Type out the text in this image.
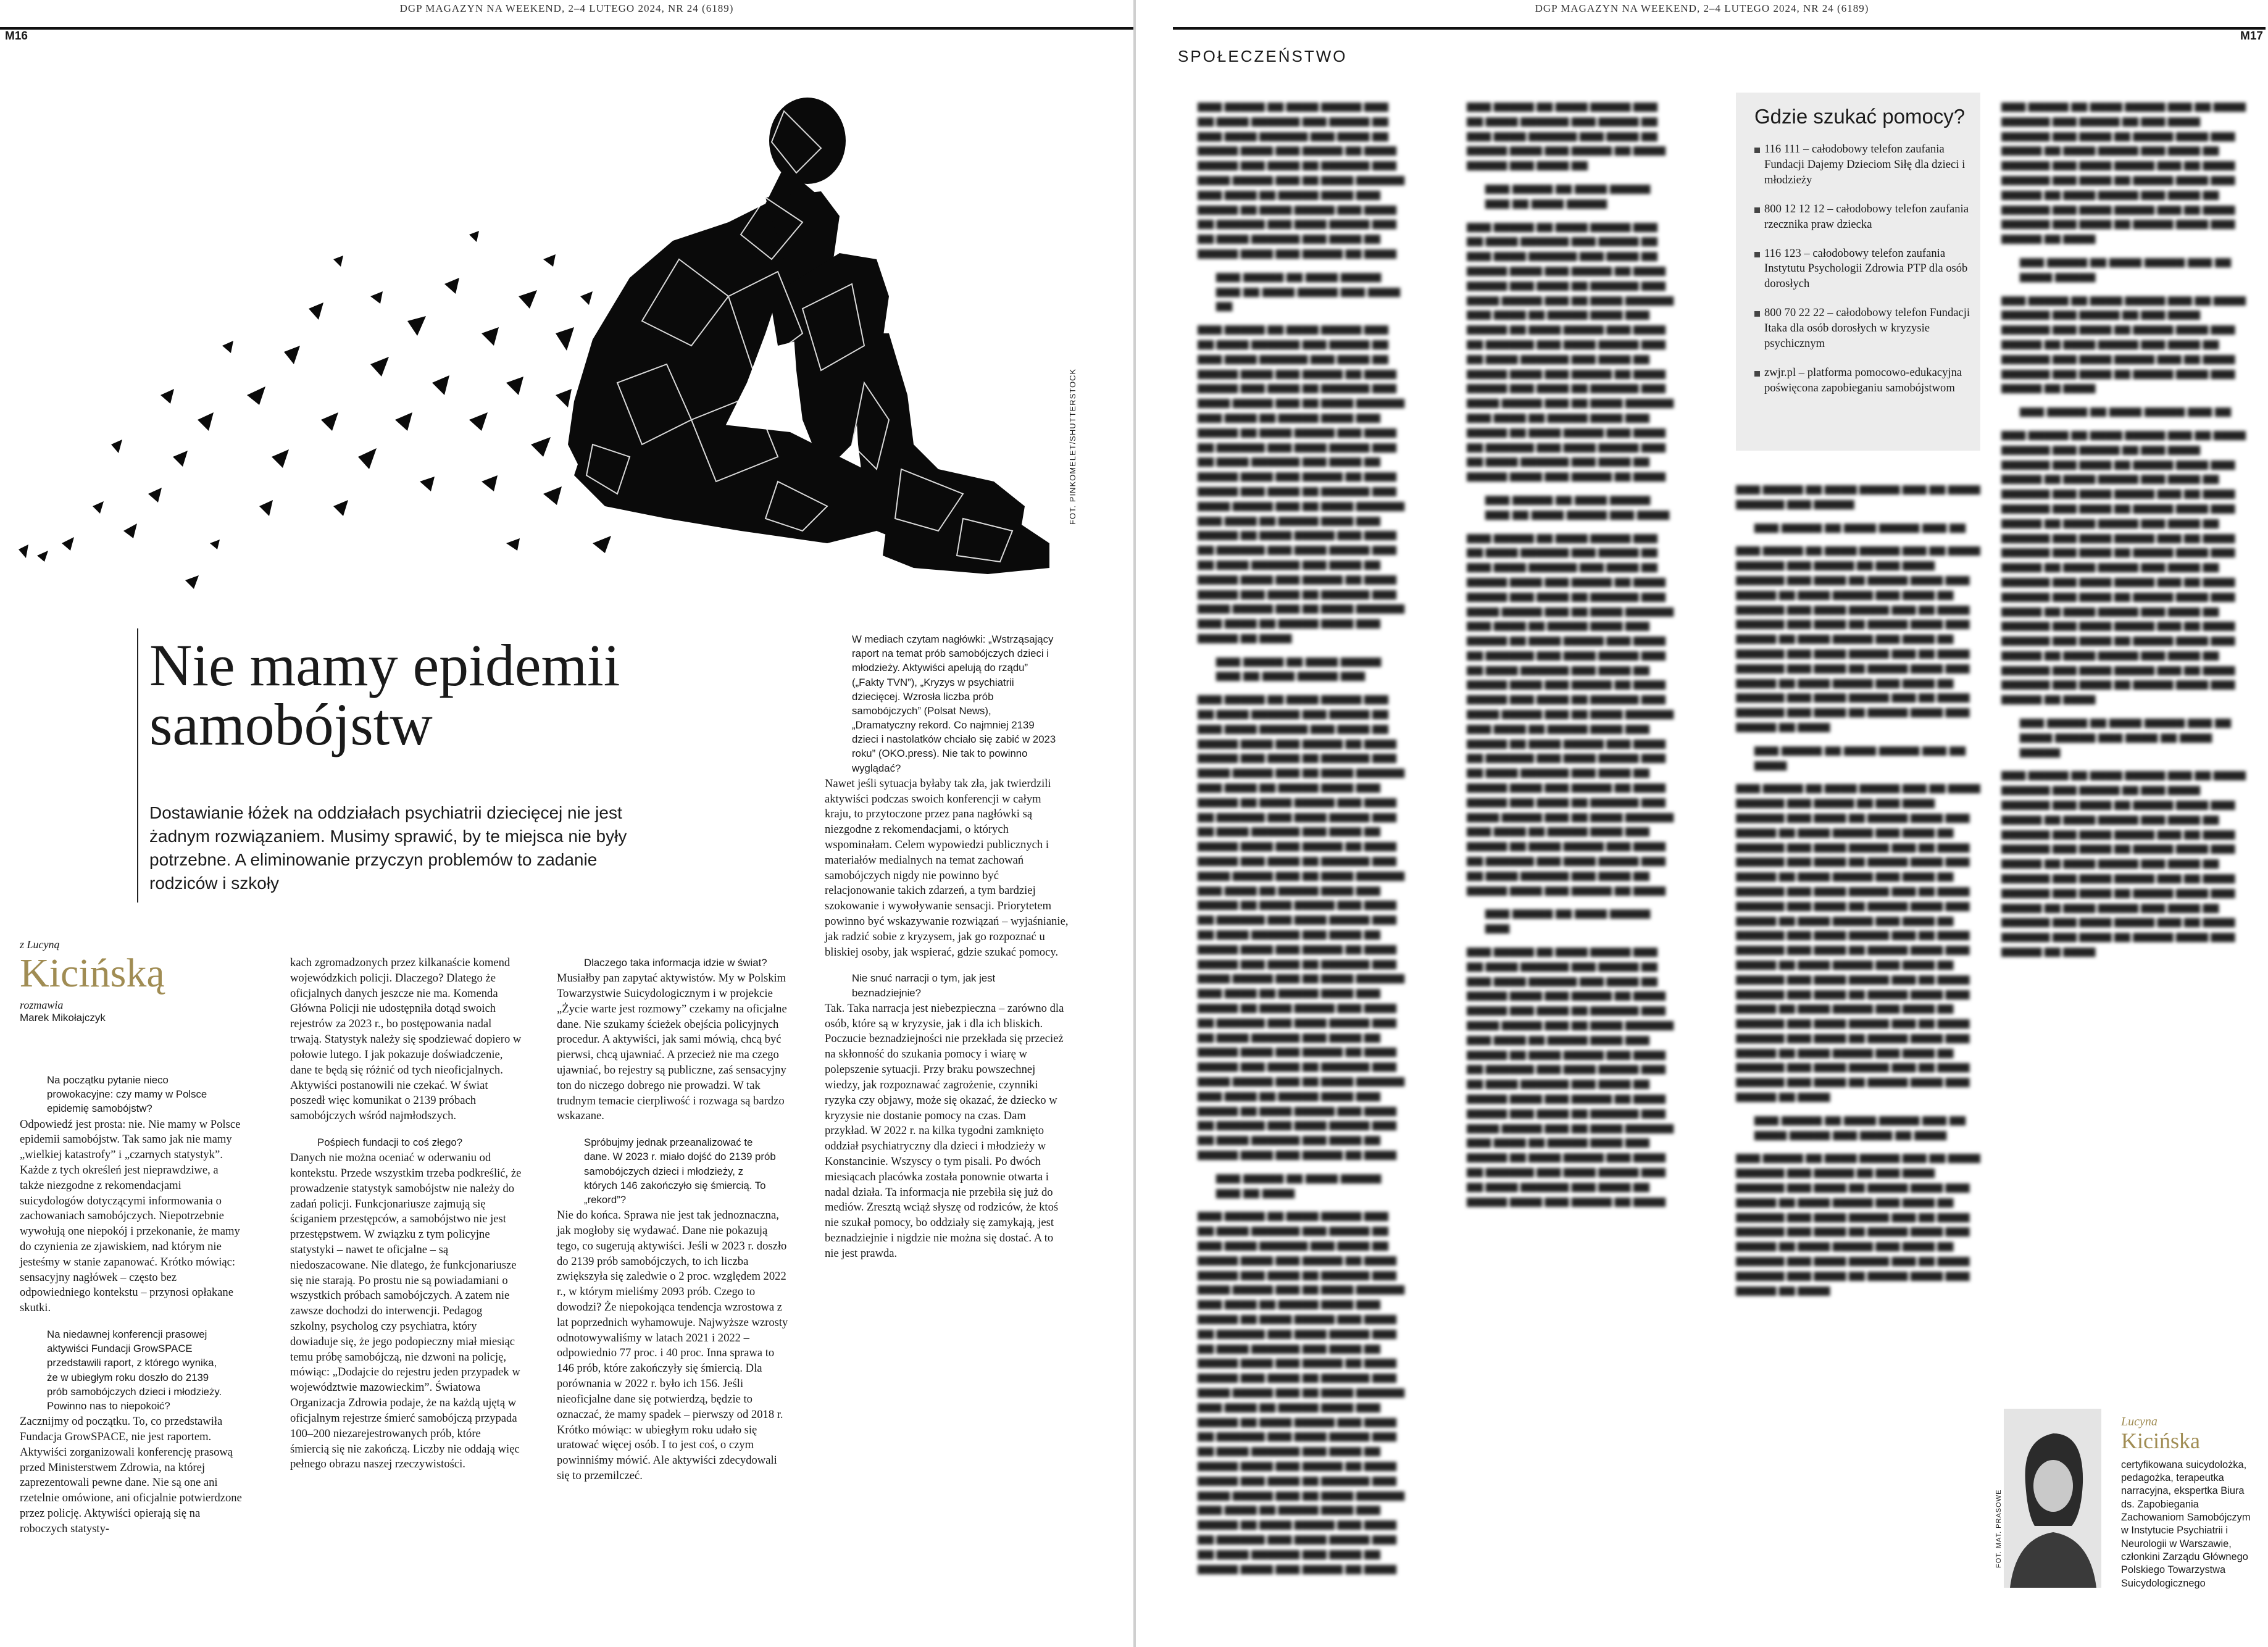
DGP MAGAZYN NA WEEKEND, 2–4 LUTEGO 2024, NR 24 (6189)
M16
FOT. PINKOMELET/SHUTTERSTOCK
Nie mamy epidemii samobójstw
Dostawianie łóżek na oddziałach psychiatrii dziecięcej nie jest żadnym rozwiązaniem. Musimy sprawić, by te miejsca nie były potrzebne. A eliminowanie przyczyn problemów to zadanie rodziców i szkoły
z Lucyną
Kicińską
rozmawia
Marek Mikołajczyk

Na początku pytanie nieco prowokacyjne: czy mamy w Polsce epidemię samobójstw?

Odpowiedź jest prosta: nie. Nie mamy w Polsce epidemii samobójstw. Tak samo jak nie mamy „wielkiej katastrofy” i „czarnych statystyk”. Każde z tych określeń jest nieprawdziwe, a także niezgodne z rekomendacjami suicydologów dotyczącymi informowania o zachowaniach samobójczych. Niepotrzebnie wywołują one niepokój i przekonanie, że mamy do czynienia ze zjawiskiem, nad którym nie jesteśmy w stanie zapanować. Krótko mówiąc: sensacyjny nagłówek – często bez odpowiedniego kontekstu – przynosi opłakane skutki.

Na niedawnej konferencji prasowej aktywiści Fundacji GrowSPACE przedstawili raport, z którego wynika, że w ubiegłym roku doszło do 2139 prób samobójczych dzieci i młodzieży. Powinno nas to niepokoić?

Zacznijmy od początku. To, co przedstawiła Fundacja GrowSPACE, nie jest raportem. Aktywiści zorganizowali konferencję prasową przed Ministerstwem Zdrowia, na której zaprezentowali pewne dane. Nie są one ani rzetelnie omówione, ani oficjalnie potwierdzone przez policję. Aktywiści opierają się na roboczych statysty-

kach zgromadzonych przez kilkanaście komend wojewódzkich policji. Dlaczego? Dlatego że oficjalnych danych jeszcze nie ma. Komenda Główna Policji nie udostępniła dotąd swoich rejestrów za 2023 r., bo postępowania nadal trwają. Statystyk należy się spodziewać dopiero w połowie lutego. I jak pokazuje doświadczenie, dane te będą się różnić od tych nieoficjalnych. Aktywiści postanowili nie czekać. W świat poszedł więc komunikat o 2139 próbach samobójczych wśród najmłodszych.

Pośpiech fundacji to coś złego?

Danych nie można oceniać w oderwaniu od kontekstu. Przede wszystkim trzeba podkreślić, że prowadzenie statystyk samobójstw nie należy do zadań policji. Funkcjonariusze zajmują się ściganiem przestępców, a samobójstwo nie jest przestępstwem. W związku z tym policyjne statystyki – nawet te oficjalne – są niedoszacowane. Nie dlatego, że funkcjonariusze się nie starają. Po prostu nie są powiadamiani o wszystkich próbach samobójczych. A zatem nie zawsze dochodzi do interwencji. Pedagog szkolny, psycholog czy psychiatra, który dowiaduje się, że jego podopieczny miał miesiąc temu próbę samobójczą, nie dzwoni na policję, mówiąc: „Dodajcie do rejestru jeden przypadek w województwie mazowieckim”. Światowa Organizacja Zdrowia podaje, że na każdą ujętą w oficjalnym rejestrze śmierć samobójczą przypada 100–200 niezarejestrowanych prób, które śmiercią się nie zakończą. Liczby nie oddają więc pełnego obrazu naszej rzeczywistości.

Dlaczego taka informacja idzie w świat?

Musiałby pan zapytać aktywistów. My w Polskim Towarzystwie Suicydologicznym i w projekcie „Życie warte jest rozmowy” czekamy na oficjalne dane. Nie szukamy ścieżek obejścia policyjnych procedur. A aktywiści, jak sami mówią, chcą być pierwsi, chcą ujawniać. A przecież nie ma czego ujawniać, bo rejestry są publiczne, zaś sensacyjny ton do niczego dobrego nie prowadzi. W tak trudnym temacie cierpliwość i rozwaga są bardzo wskazane.

Spróbujmy jednak przeanalizować te dane. W 2023 r. miało dojść do 2139 prób samobójczych dzieci i młodzieży, z których 146 zakończyło się śmiercią. To „rekord”?

Nie do końca. Sprawa nie jest tak jednoznaczna, jak mogłoby się wydawać. Dane nie pokazują tego, co sugerują aktywiści. Jeśli w 2023 r. doszło do 2139 prób samobójczych, to ich liczba zwiększyła się zaledwie o 2 proc. względem 2022 r., w którym mieliśmy 2093 prób. Czego to dowodzi? Że niepokojąca tendencja wzrostowa z lat poprzednich wyhamowuje. Najwyższe wzrosty odnotowywaliśmy w latach 2021 i 2022 – odpowiednio 77 proc. i 40 proc. Inna sprawa to 146 prób, które zakończyły się śmiercią. Dla porównania w 2022 r. było ich 156. Jeśli nieoficjalne dane się potwierdzą, będzie to oznaczać, że mamy spadek – pierwszy od 2018 r. Krótko mówiąc: w ubiegłym roku udało się uratować więcej osób. I to jest coś, o czym powinniśmy mówić. Ale aktywiści zdecydowali się to przemilczeć.

W mediach czytam nagłówki: „Wstrząsający raport na temat prób samobójczych dzieci i młodzieży. Aktywiści apelują do rządu” („Fakty TVN”), „Kryzys w psychiatrii dziecięcej. Wzrosła liczba prób samobójczych” (Polsat News), „Dramatyczny rekord. Co najmniej 2139 dzieci i nastolatków chciało się zabić w 2023 roku” (OKO.press). Nie tak to powinno wyglądać?

Nawet jeśli sytuacja byłaby tak zła, jak twierdzili aktywiści podczas swoich konferencji w całym kraju, to przytoczone przez pana nagłówki są niezgodne z rekomendacjami, o których wspominałam. Celem wypowiedzi publicznych i materiałów medialnych na temat zachowań samobójczych nigdy nie powinno być relacjonowanie takich zdarzeń, a tym bardziej szokowanie i wywoływanie sensacji. Priorytetem powinno być wskazywanie rozwiązań – wyjaśnianie, jak radzić sobie z kryzysem, jak go rozpoznać u bliskiej osoby, jak wspierać, gdzie szukać pomocy.

Nie snuć narracji o tym, jak jest beznadziejnie?

Tak. Taka narracja jest niebezpieczna – zarówno dla osób, które są w kryzysie, jak i dla ich bliskich. Poczucie beznadziejności nie przekłada się przecież na skłonność do szukania pomocy i wiarę w polepszenie sytuacji. Przy braku powszechnej wiedzy, jak rozpoznawać zagrożenie, czynniki ryzyka czy objawy, może się okazać, że dziecko w kryzysie nie dostanie pomocy na czas. Dam przykład. W 2022 r. na kilka tygodni zamknięto oddział psychiatryczny dla dzieci i młodzieży w Konstancinie. Wszyscy o tym pisali. Po dwóch miesiącach placówka została ponownie otwarta i nadal działa. Ta informacja nie przebiła się już do mediów. Zresztą wciąż słyszę od rodziców, że ktoś nie szukał pomocy, bo oddziały się zamykają, jest beznadziejnie i nigdzie nie można się dostać. A to nie jest prawda.

DGP MAGAZYN NA WEEKEND, 2–4 LUTEGO 2024, NR 24 (6189)
M17
SPOŁECZEŃSTWO

▆▆▆ ▆▆▆▆▆ ▆▆ ▆▆▆▆ ▆▆▆▆▆ ▆▆▆ ▆▆ ▆▆▆▆ ▆▆▆▆▆▆ ▆▆▆ ▆▆▆▆▆ ▆▆ ▆▆▆ ▆▆▆▆ ▆▆▆▆▆▆ ▆▆▆ ▆▆▆▆ ▆▆ ▆▆▆▆▆ ▆▆▆▆ ▆▆▆ ▆▆▆▆▆ ▆▆ ▆▆▆▆ ▆▆▆▆▆ ▆▆▆ ▆▆▆▆ ▆▆ ▆▆▆▆▆▆ ▆▆▆ ▆▆▆▆ ▆▆▆▆▆ ▆▆▆ ▆▆ ▆▆▆▆ ▆▆▆▆▆▆ ▆▆▆ ▆▆▆▆ ▆▆ ▆▆▆▆▆ ▆▆▆▆ ▆▆▆ ▆▆▆▆▆ ▆▆ ▆▆▆▆ ▆▆▆▆▆ ▆▆▆ ▆▆▆▆ ▆▆ ▆▆▆▆▆▆ ▆▆▆ ▆▆▆▆ ▆▆▆▆▆ ▆▆▆ ▆▆ ▆▆▆▆ ▆▆▆▆▆▆ ▆▆▆ ▆▆▆▆ ▆▆ ▆▆▆▆▆ ▆▆▆▆ ▆▆▆ ▆▆▆▆▆ ▆▆ ▆▆▆▆

▆▆▆ ▆▆▆▆▆ ▆▆ ▆▆▆▆ ▆▆▆▆▆ ▆▆▆ ▆▆ ▆▆▆▆ ▆▆▆▆▆ ▆▆▆ ▆▆▆▆ ▆▆

▆▆▆ ▆▆▆▆▆ ▆▆ ▆▆▆▆ ▆▆▆▆▆ ▆▆▆ ▆▆ ▆▆▆▆ ▆▆▆▆▆▆ ▆▆▆ ▆▆▆▆▆ ▆▆ ▆▆▆ ▆▆▆▆ ▆▆▆▆▆▆ ▆▆▆ ▆▆▆▆ ▆▆ ▆▆▆▆▆ ▆▆▆▆ ▆▆▆ ▆▆▆▆▆ ▆▆ ▆▆▆▆ ▆▆▆▆▆ ▆▆▆ ▆▆▆▆ ▆▆ ▆▆▆▆▆▆ ▆▆▆ ▆▆▆▆ ▆▆▆▆▆ ▆▆▆ ▆▆ ▆▆▆▆ ▆▆▆▆▆▆ ▆▆▆ ▆▆▆▆ ▆▆ ▆▆▆▆▆ ▆▆▆▆ ▆▆▆ ▆▆▆▆▆ ▆▆ ▆▆▆▆ ▆▆▆▆▆ ▆▆▆ ▆▆▆▆ ▆▆ ▆▆▆▆▆▆ ▆▆▆ ▆▆▆▆ ▆▆▆▆▆ ▆▆▆ ▆▆ ▆▆▆▆ ▆▆▆▆▆▆ ▆▆▆ ▆▆▆▆ ▆▆ ▆▆▆▆▆ ▆▆▆▆ ▆▆▆ ▆▆▆▆▆ ▆▆ ▆▆▆▆ ▆▆▆▆▆ ▆▆▆ ▆▆▆▆ ▆▆ ▆▆▆▆▆▆ ▆▆▆ ▆▆▆▆ ▆▆▆▆▆ ▆▆▆ ▆▆ ▆▆▆▆ ▆▆▆▆▆▆ ▆▆▆ ▆▆▆▆ ▆▆ ▆▆▆▆▆ ▆▆▆▆ ▆▆▆ ▆▆▆▆▆ ▆▆ ▆▆▆▆ ▆▆▆▆▆ ▆▆▆ ▆▆▆▆ ▆▆ ▆▆▆▆▆▆ ▆▆▆ ▆▆▆▆ ▆▆▆▆▆ ▆▆▆ ▆▆ ▆▆▆▆ ▆▆▆▆▆▆ ▆▆▆ ▆▆▆▆ ▆▆ ▆▆▆▆▆ ▆▆▆▆ ▆▆▆ ▆▆▆▆▆ ▆▆ ▆▆▆▆ ▆▆▆▆▆ ▆▆▆ ▆▆▆▆ ▆▆ ▆▆▆▆▆▆ ▆▆▆ ▆▆▆▆ ▆▆▆▆▆ ▆▆▆ ▆▆ ▆▆▆▆ ▆▆▆▆▆▆ ▆▆▆ ▆▆▆▆ ▆▆ ▆▆▆▆▆ ▆▆▆▆ ▆▆▆ ▆▆▆▆▆ ▆▆ ▆▆▆▆

▆▆▆ ▆▆▆▆▆ ▆▆ ▆▆▆▆ ▆▆▆▆▆ ▆▆▆ ▆▆ ▆▆▆▆ ▆▆▆▆▆ ▆▆▆

▆▆▆ ▆▆▆▆▆ ▆▆ ▆▆▆▆ ▆▆▆▆▆ ▆▆▆ ▆▆ ▆▆▆▆ ▆▆▆▆▆▆ ▆▆▆ ▆▆▆▆▆ ▆▆ ▆▆▆ ▆▆▆▆ ▆▆▆▆▆▆ ▆▆▆ ▆▆▆▆ ▆▆ ▆▆▆▆▆ ▆▆▆▆ ▆▆▆ ▆▆▆▆▆ ▆▆ ▆▆▆▆ ▆▆▆▆▆ ▆▆▆ ▆▆▆▆ ▆▆ ▆▆▆▆▆▆ ▆▆▆ ▆▆▆▆ ▆▆▆▆▆ ▆▆▆ ▆▆ ▆▆▆▆ ▆▆▆▆▆▆ ▆▆▆ ▆▆▆▆ ▆▆ ▆▆▆▆▆ ▆▆▆▆ ▆▆▆ ▆▆▆▆▆ ▆▆ ▆▆▆▆ ▆▆▆▆▆ ▆▆▆ ▆▆▆▆ ▆▆ ▆▆▆▆▆▆ ▆▆▆ ▆▆▆▆ ▆▆▆▆▆ ▆▆▆ ▆▆ ▆▆▆▆ ▆▆▆▆▆▆ ▆▆▆ ▆▆▆▆ ▆▆ ▆▆▆▆▆ ▆▆▆▆ ▆▆▆ ▆▆▆▆▆ ▆▆ ▆▆▆▆ ▆▆▆▆▆ ▆▆▆ ▆▆▆▆ ▆▆ ▆▆▆▆▆▆ ▆▆▆ ▆▆▆▆ ▆▆▆▆▆ ▆▆▆ ▆▆ ▆▆▆▆ ▆▆▆▆▆▆ ▆▆▆ ▆▆▆▆ ▆▆ ▆▆▆▆▆ ▆▆▆▆ ▆▆▆ ▆▆▆▆▆ ▆▆ ▆▆▆▆ ▆▆▆▆▆ ▆▆▆ ▆▆▆▆ ▆▆ ▆▆▆▆▆▆ ▆▆▆ ▆▆▆▆ ▆▆▆▆▆ ▆▆▆ ▆▆ ▆▆▆▆ ▆▆▆▆▆▆ ▆▆▆ ▆▆▆▆ ▆▆ ▆▆▆▆▆ ▆▆▆▆ ▆▆▆ ▆▆▆▆▆ ▆▆ ▆▆▆▆ ▆▆▆▆▆ ▆▆▆ ▆▆▆▆ ▆▆ ▆▆▆▆▆▆ ▆▆▆ ▆▆▆▆ ▆▆▆▆▆ ▆▆▆ ▆▆ ▆▆▆▆ ▆▆▆▆▆▆ ▆▆▆ ▆▆▆▆ ▆▆ ▆▆▆▆▆ ▆▆▆▆ ▆▆▆ ▆▆▆▆▆ ▆▆ ▆▆▆▆ ▆▆▆▆▆ ▆▆▆ ▆▆▆▆ ▆▆ ▆▆▆▆▆▆ ▆▆▆ ▆▆▆▆ ▆▆▆▆▆ ▆▆▆ ▆▆ ▆▆▆▆ ▆▆▆▆▆▆ ▆▆▆ ▆▆▆▆ ▆▆ ▆▆▆▆▆ ▆▆▆▆ ▆▆▆ ▆▆▆▆▆ ▆▆ ▆▆▆▆ ▆▆▆▆▆ ▆▆▆ ▆▆▆▆ ▆▆ ▆▆▆▆▆▆ ▆▆▆ ▆▆▆▆ ▆▆▆▆▆ ▆▆▆ ▆▆ ▆▆▆▆ ▆▆▆▆▆▆ ▆▆▆ ▆▆▆▆ ▆▆ ▆▆▆▆▆ ▆▆▆▆ ▆▆▆ ▆▆▆▆▆ ▆▆ ▆▆▆▆ ▆▆▆▆▆ ▆▆▆ ▆▆▆▆ ▆▆ ▆▆▆▆▆▆ ▆▆▆ ▆▆▆▆ ▆▆▆▆▆ ▆▆▆ ▆▆ ▆▆▆▆ ▆▆▆▆▆▆ ▆▆▆ ▆▆▆▆ ▆▆ ▆▆▆▆▆ ▆▆▆▆ ▆▆▆ ▆▆▆▆▆ ▆▆ ▆▆▆▆

▆▆▆ ▆▆▆▆▆ ▆▆ ▆▆▆▆ ▆▆▆▆▆ ▆▆▆ ▆▆ ▆▆▆▆

▆▆▆ ▆▆▆▆▆ ▆▆ ▆▆▆▆ ▆▆▆▆▆ ▆▆▆ ▆▆ ▆▆▆▆ ▆▆▆▆▆▆ ▆▆▆ ▆▆▆▆▆ ▆▆ ▆▆▆ ▆▆▆▆ ▆▆▆▆▆▆ ▆▆▆ ▆▆▆▆ ▆▆ ▆▆▆▆▆ ▆▆▆▆ ▆▆▆ ▆▆▆▆▆ ▆▆ ▆▆▆▆ ▆▆▆▆▆ ▆▆▆ ▆▆▆▆ ▆▆ ▆▆▆▆▆▆ ▆▆▆ ▆▆▆▆ ▆▆▆▆▆ ▆▆▆ ▆▆ ▆▆▆▆ ▆▆▆▆▆▆ ▆▆▆ ▆▆▆▆ ▆▆ ▆▆▆▆▆ ▆▆▆▆ ▆▆▆ ▆▆▆▆▆ ▆▆ ▆▆▆▆ ▆▆▆▆▆ ▆▆▆ ▆▆▆▆ ▆▆ ▆▆▆▆▆▆ ▆▆▆ ▆▆▆▆ ▆▆▆▆▆ ▆▆▆ ▆▆ ▆▆▆▆ ▆▆▆▆▆▆ ▆▆▆ ▆▆▆▆ ▆▆ ▆▆▆▆▆ ▆▆▆▆ ▆▆▆ ▆▆▆▆▆ ▆▆ ▆▆▆▆ ▆▆▆▆▆ ▆▆▆ ▆▆▆▆ ▆▆ ▆▆▆▆▆▆ ▆▆▆ ▆▆▆▆ ▆▆▆▆▆ ▆▆▆ ▆▆ ▆▆▆▆ ▆▆▆▆▆▆ ▆▆▆ ▆▆▆▆ ▆▆ ▆▆▆▆▆ ▆▆▆▆ ▆▆▆ ▆▆▆▆▆ ▆▆ ▆▆▆▆ ▆▆▆▆▆ ▆▆▆ ▆▆▆▆ ▆▆ ▆▆▆▆▆▆ ▆▆▆ ▆▆▆▆ ▆▆▆▆▆ ▆▆▆ ▆▆ ▆▆▆▆ ▆▆▆▆▆▆ ▆▆▆ ▆▆▆▆ ▆▆ ▆▆▆▆▆ ▆▆▆▆ ▆▆▆ ▆▆▆▆▆ ▆▆ ▆▆▆▆ ▆▆▆▆▆ ▆▆▆ ▆▆▆▆ ▆▆ ▆▆▆▆▆▆ ▆▆▆ ▆▆▆▆ ▆▆▆▆▆ ▆▆▆ ▆▆ ▆▆▆▆ ▆▆▆▆▆▆ ▆▆▆ ▆▆▆▆ ▆▆ ▆▆▆▆▆ ▆▆▆▆ ▆▆▆ ▆▆▆▆▆ ▆▆ ▆▆▆▆ ▆▆▆▆▆ ▆▆▆ ▆▆▆▆ ▆▆ ▆▆▆▆▆▆ ▆▆▆ ▆▆▆▆ ▆▆▆▆▆ ▆▆▆ ▆▆ ▆▆▆▆ ▆▆▆▆▆▆ ▆▆▆ ▆▆▆▆ ▆▆ ▆▆▆▆▆ ▆▆▆▆ ▆▆▆ ▆▆▆▆▆ ▆▆ ▆▆▆▆

▆▆▆ ▆▆▆▆▆ ▆▆ ▆▆▆▆ ▆▆▆▆▆ ▆▆▆ ▆▆ ▆▆▆▆ ▆▆▆▆▆▆ ▆▆▆ ▆▆▆▆▆ ▆▆ ▆▆▆ ▆▆▆▆ ▆▆▆▆▆▆ ▆▆▆ ▆▆▆▆ ▆▆ ▆▆▆▆▆ ▆▆▆▆ ▆▆▆ ▆▆▆▆▆ ▆▆ ▆▆▆▆ ▆▆▆▆▆ ▆▆▆ ▆▆▆▆ ▆▆

▆▆▆ ▆▆▆▆▆ ▆▆ ▆▆▆▆ ▆▆▆▆▆ ▆▆▆ ▆▆ ▆▆▆▆ ▆▆▆▆▆

▆▆▆ ▆▆▆▆▆ ▆▆ ▆▆▆▆ ▆▆▆▆▆ ▆▆▆ ▆▆ ▆▆▆▆ ▆▆▆▆▆▆ ▆▆▆ ▆▆▆▆▆ ▆▆ ▆▆▆ ▆▆▆▆ ▆▆▆▆▆▆ ▆▆▆ ▆▆▆▆ ▆▆ ▆▆▆▆▆ ▆▆▆▆ ▆▆▆ ▆▆▆▆▆ ▆▆ ▆▆▆▆ ▆▆▆▆▆ ▆▆▆ ▆▆▆▆ ▆▆ ▆▆▆▆▆▆ ▆▆▆ ▆▆▆▆ ▆▆▆▆▆ ▆▆▆ ▆▆ ▆▆▆▆ ▆▆▆▆▆▆ ▆▆▆ ▆▆▆▆ ▆▆ ▆▆▆▆▆ ▆▆▆▆ ▆▆▆ ▆▆▆▆▆ ▆▆ ▆▆▆▆ ▆▆▆▆▆ ▆▆▆ ▆▆▆▆ ▆▆ ▆▆▆▆▆▆ ▆▆▆ ▆▆▆▆ ▆▆▆▆▆ ▆▆▆ ▆▆ ▆▆▆▆ ▆▆▆▆▆▆ ▆▆▆ ▆▆▆▆ ▆▆ ▆▆▆▆▆ ▆▆▆▆ ▆▆▆ ▆▆▆▆▆ ▆▆ ▆▆▆▆ ▆▆▆▆▆ ▆▆▆ ▆▆▆▆ ▆▆ ▆▆▆▆▆▆ ▆▆▆ ▆▆▆▆ ▆▆▆▆▆ ▆▆▆ ▆▆ ▆▆▆▆ ▆▆▆▆▆▆ ▆▆▆ ▆▆▆▆ ▆▆ ▆▆▆▆▆ ▆▆▆▆ ▆▆▆ ▆▆▆▆▆ ▆▆ ▆▆▆▆ ▆▆▆▆▆ ▆▆▆ ▆▆▆▆ ▆▆ ▆▆▆▆▆▆ ▆▆▆ ▆▆▆▆ ▆▆▆▆▆ ▆▆▆ ▆▆ ▆▆▆▆ ▆▆▆▆▆▆ ▆▆▆ ▆▆▆▆ ▆▆ ▆▆▆▆▆ ▆▆▆▆ ▆▆▆ ▆▆▆▆▆ ▆▆ ▆▆▆▆

▆▆▆ ▆▆▆▆▆ ▆▆ ▆▆▆▆ ▆▆▆▆▆ ▆▆▆ ▆▆ ▆▆▆▆ ▆▆▆▆▆ ▆▆▆ ▆▆▆▆

▆▆▆ ▆▆▆▆▆ ▆▆ ▆▆▆▆ ▆▆▆▆▆ ▆▆▆ ▆▆ ▆▆▆▆ ▆▆▆▆▆▆ ▆▆▆ ▆▆▆▆▆ ▆▆ ▆▆▆ ▆▆▆▆ ▆▆▆▆▆▆ ▆▆▆ ▆▆▆▆ ▆▆ ▆▆▆▆▆ ▆▆▆▆ ▆▆▆ ▆▆▆▆▆ ▆▆ ▆▆▆▆ ▆▆▆▆▆ ▆▆▆ ▆▆▆▆ ▆▆ ▆▆▆▆▆▆ ▆▆▆ ▆▆▆▆ ▆▆▆▆▆ ▆▆▆ ▆▆ ▆▆▆▆ ▆▆▆▆▆▆ ▆▆▆ ▆▆▆▆ ▆▆ ▆▆▆▆▆ ▆▆▆▆ ▆▆▆ ▆▆▆▆▆ ▆▆ ▆▆▆▆ ▆▆▆▆▆ ▆▆▆ ▆▆▆▆ ▆▆ ▆▆▆▆▆▆ ▆▆▆ ▆▆▆▆ ▆▆▆▆▆ ▆▆▆ ▆▆ ▆▆▆▆ ▆▆▆▆▆▆ ▆▆▆ ▆▆▆▆ ▆▆ ▆▆▆▆▆ ▆▆▆▆ ▆▆▆ ▆▆▆▆▆ ▆▆ ▆▆▆▆ ▆▆▆▆▆ ▆▆▆ ▆▆▆▆ ▆▆ ▆▆▆▆▆▆ ▆▆▆ ▆▆▆▆ ▆▆▆▆▆ ▆▆▆ ▆▆ ▆▆▆▆ ▆▆▆▆▆▆ ▆▆▆ ▆▆▆▆ ▆▆ ▆▆▆▆▆ ▆▆▆▆ ▆▆▆ ▆▆▆▆▆ ▆▆ ▆▆▆▆ ▆▆▆▆▆ ▆▆▆ ▆▆▆▆ ▆▆ ▆▆▆▆▆▆ ▆▆▆ ▆▆▆▆ ▆▆▆▆▆ ▆▆▆ ▆▆ ▆▆▆▆ ▆▆▆▆▆▆ ▆▆▆ ▆▆▆▆ ▆▆ ▆▆▆▆▆ ▆▆▆▆ ▆▆▆ ▆▆▆▆▆ ▆▆ ▆▆▆▆ ▆▆▆▆▆ ▆▆▆ ▆▆▆▆ ▆▆ ▆▆▆▆▆▆ ▆▆▆ ▆▆▆▆ ▆▆▆▆▆ ▆▆▆ ▆▆ ▆▆▆▆ ▆▆▆▆▆▆ ▆▆▆ ▆▆▆▆ ▆▆ ▆▆▆▆▆ ▆▆▆▆ ▆▆▆ ▆▆▆▆▆ ▆▆ ▆▆▆▆ ▆▆▆▆▆ ▆▆▆ ▆▆▆▆ ▆▆ ▆▆▆▆▆▆ ▆▆▆ ▆▆▆▆ ▆▆▆▆▆ ▆▆▆ ▆▆ ▆▆▆▆ ▆▆▆▆▆▆ ▆▆▆ ▆▆▆▆ ▆▆ ▆▆▆▆▆ ▆▆▆▆ ▆▆▆ ▆▆▆▆▆ ▆▆ ▆▆▆▆

▆▆▆ ▆▆▆▆▆ ▆▆ ▆▆▆▆ ▆▆▆▆▆ ▆▆▆

▆▆▆ ▆▆▆▆▆ ▆▆ ▆▆▆▆ ▆▆▆▆▆ ▆▆▆ ▆▆ ▆▆▆▆ ▆▆▆▆▆▆ ▆▆▆ ▆▆▆▆▆ ▆▆ ▆▆▆ ▆▆▆▆ ▆▆▆▆▆▆ ▆▆▆ ▆▆▆▆ ▆▆ ▆▆▆▆▆ ▆▆▆▆ ▆▆▆ ▆▆▆▆▆ ▆▆ ▆▆▆▆ ▆▆▆▆▆ ▆▆▆ ▆▆▆▆ ▆▆ ▆▆▆▆▆▆ ▆▆▆ ▆▆▆▆ ▆▆▆▆▆ ▆▆▆ ▆▆ ▆▆▆▆ ▆▆▆▆▆▆ ▆▆▆ ▆▆▆▆ ▆▆ ▆▆▆▆▆ ▆▆▆▆ ▆▆▆ ▆▆▆▆▆ ▆▆ ▆▆▆▆ ▆▆▆▆▆ ▆▆▆ ▆▆▆▆ ▆▆ ▆▆▆▆▆▆ ▆▆▆ ▆▆▆▆ ▆▆▆▆▆ ▆▆▆ ▆▆ ▆▆▆▆ ▆▆▆▆▆▆ ▆▆▆ ▆▆▆▆ ▆▆ ▆▆▆▆▆ ▆▆▆▆ ▆▆▆ ▆▆▆▆▆ ▆▆ ▆▆▆▆ ▆▆▆▆▆ ▆▆▆ ▆▆▆▆ ▆▆ ▆▆▆▆▆▆ ▆▆▆ ▆▆▆▆ ▆▆▆▆▆ ▆▆▆ ▆▆ ▆▆▆▆ ▆▆▆▆▆▆ ▆▆▆ ▆▆▆▆ ▆▆ ▆▆▆▆▆ ▆▆▆▆ ▆▆▆ ▆▆▆▆▆ ▆▆ ▆▆▆▆ ▆▆▆▆▆ ▆▆▆ ▆▆▆▆ ▆▆ ▆▆▆▆▆▆ ▆▆▆ ▆▆▆▆ ▆▆▆▆▆ ▆▆▆ ▆▆ ▆▆▆▆ ▆▆▆▆▆▆ ▆▆▆ ▆▆▆▆ ▆▆ ▆▆▆▆▆ ▆▆▆▆ ▆▆▆ ▆▆▆▆▆ ▆▆ ▆▆▆▆

▆▆▆ ▆▆▆▆▆ ▆▆ ▆▆▆▆ ▆▆▆▆▆ ▆▆▆ ▆▆ ▆▆▆▆ ▆▆▆▆▆▆ ▆▆▆ ▆▆▆▆▆

▆▆▆ ▆▆▆▆▆ ▆▆ ▆▆▆▆ ▆▆▆▆▆ ▆▆▆ ▆▆

▆▆▆ ▆▆▆▆▆ ▆▆ ▆▆▆▆ ▆▆▆▆▆ ▆▆▆ ▆▆ ▆▆▆▆ ▆▆▆▆▆▆ ▆▆▆ ▆▆▆▆▆ ▆▆ ▆▆▆ ▆▆▆▆ ▆▆▆▆▆▆ ▆▆▆ ▆▆▆▆ ▆▆ ▆▆▆▆▆ ▆▆▆▆ ▆▆▆ ▆▆▆▆▆ ▆▆ ▆▆▆▆ ▆▆▆▆▆ ▆▆▆ ▆▆▆▆ ▆▆ ▆▆▆▆▆▆ ▆▆▆ ▆▆▆▆ ▆▆▆▆▆ ▆▆▆ ▆▆ ▆▆▆▆ ▆▆▆▆▆▆ ▆▆▆ ▆▆▆▆ ▆▆ ▆▆▆▆▆ ▆▆▆▆ ▆▆▆ ▆▆▆▆▆ ▆▆ ▆▆▆▆ ▆▆▆▆▆ ▆▆▆ ▆▆▆▆ ▆▆ ▆▆▆▆▆▆ ▆▆▆ ▆▆▆▆ ▆▆▆▆▆ ▆▆▆ ▆▆ ▆▆▆▆ ▆▆▆▆▆▆ ▆▆▆ ▆▆▆▆ ▆▆ ▆▆▆▆▆ ▆▆▆▆ ▆▆▆ ▆▆▆▆▆ ▆▆ ▆▆▆▆ ▆▆▆▆▆ ▆▆▆ ▆▆▆▆ ▆▆ ▆▆▆▆▆▆ ▆▆▆ ▆▆▆▆ ▆▆▆▆▆ ▆▆▆ ▆▆ ▆▆▆▆ ▆▆▆▆▆▆ ▆▆▆ ▆▆▆▆ ▆▆ ▆▆▆▆▆ ▆▆▆▆ ▆▆▆ ▆▆▆▆▆ ▆▆ ▆▆▆▆

▆▆▆ ▆▆▆▆▆ ▆▆ ▆▆▆▆ ▆▆▆▆▆ ▆▆▆ ▆▆ ▆▆▆▆

▆▆▆ ▆▆▆▆▆ ▆▆ ▆▆▆▆ ▆▆▆▆▆ ▆▆▆ ▆▆ ▆▆▆▆ ▆▆▆▆▆▆ ▆▆▆ ▆▆▆▆▆ ▆▆ ▆▆▆ ▆▆▆▆ ▆▆▆▆▆▆ ▆▆▆ ▆▆▆▆ ▆▆ ▆▆▆▆▆ ▆▆▆▆ ▆▆▆ ▆▆▆▆▆ ▆▆ ▆▆▆▆ ▆▆▆▆▆ ▆▆▆ ▆▆▆▆ ▆▆ ▆▆▆▆▆▆ ▆▆▆ ▆▆▆▆ ▆▆▆▆▆ ▆▆▆ ▆▆ ▆▆▆▆ ▆▆▆▆▆▆ ▆▆▆ ▆▆▆▆ ▆▆ ▆▆▆▆▆ ▆▆▆▆ ▆▆▆ ▆▆▆▆▆ ▆▆ ▆▆▆▆ ▆▆▆▆▆ ▆▆▆ ▆▆▆▆ ▆▆ ▆▆▆▆▆▆ ▆▆▆ ▆▆▆▆ ▆▆▆▆▆ ▆▆▆ ▆▆ ▆▆▆▆ ▆▆▆▆▆▆ ▆▆▆ ▆▆▆▆ ▆▆ ▆▆▆▆▆ ▆▆▆▆ ▆▆▆ ▆▆▆▆▆ ▆▆ ▆▆▆▆ ▆▆▆▆▆ ▆▆▆ ▆▆▆▆ ▆▆ ▆▆▆▆▆▆ ▆▆▆ ▆▆▆▆ ▆▆▆▆▆ ▆▆▆ ▆▆ ▆▆▆▆ ▆▆▆▆▆▆ ▆▆▆ ▆▆▆▆ ▆▆ ▆▆▆▆▆ ▆▆▆▆ ▆▆▆ ▆▆▆▆▆ ▆▆ ▆▆▆▆ ▆▆▆▆▆ ▆▆▆ ▆▆▆▆ ▆▆ ▆▆▆▆▆▆ ▆▆▆ ▆▆▆▆ ▆▆▆▆▆ ▆▆▆ ▆▆ ▆▆▆▆ ▆▆▆▆▆▆ ▆▆▆ ▆▆▆▆ ▆▆ ▆▆▆▆▆ ▆▆▆▆ ▆▆▆ ▆▆▆▆▆ ▆▆ ▆▆▆▆ ▆▆▆▆▆ ▆▆▆ ▆▆▆▆ ▆▆ ▆▆▆▆▆▆ ▆▆▆ ▆▆▆▆ ▆▆▆▆▆ ▆▆▆ ▆▆ ▆▆▆▆ ▆▆▆▆▆▆ ▆▆▆ ▆▆▆▆ ▆▆ ▆▆▆▆▆ ▆▆▆▆ ▆▆▆ ▆▆▆▆▆ ▆▆ ▆▆▆▆ ▆▆▆▆▆ ▆▆▆ ▆▆▆▆ ▆▆ ▆▆▆▆▆▆ ▆▆▆ ▆▆▆▆ ▆▆▆▆▆ ▆▆▆ ▆▆ ▆▆▆▆ ▆▆▆▆▆▆ ▆▆▆ ▆▆▆▆ ▆▆ ▆▆▆▆▆ ▆▆▆▆ ▆▆▆ ▆▆▆▆▆ ▆▆ ▆▆▆▆

▆▆▆ ▆▆▆▆▆ ▆▆ ▆▆▆▆ ▆▆▆▆▆ ▆▆▆ ▆▆ ▆▆▆▆ ▆▆▆▆▆ ▆▆▆ ▆▆▆▆ ▆▆ ▆▆▆▆

▆▆▆ ▆▆▆▆▆ ▆▆ ▆▆▆▆ ▆▆▆▆▆ ▆▆▆ ▆▆ ▆▆▆▆ ▆▆▆▆▆▆ ▆▆▆ ▆▆▆▆▆ ▆▆ ▆▆▆ ▆▆▆▆ ▆▆▆▆▆▆ ▆▆▆ ▆▆▆▆ ▆▆ ▆▆▆▆▆ ▆▆▆▆ ▆▆▆ ▆▆▆▆▆ ▆▆ ▆▆▆▆ ▆▆▆▆▆ ▆▆▆ ▆▆▆▆ ▆▆ ▆▆▆▆▆▆ ▆▆▆ ▆▆▆▆ ▆▆▆▆▆ ▆▆▆ ▆▆ ▆▆▆▆ ▆▆▆▆▆▆ ▆▆▆ ▆▆▆▆ ▆▆ ▆▆▆▆▆ ▆▆▆▆ ▆▆▆ ▆▆▆▆▆ ▆▆ ▆▆▆▆ ▆▆▆▆▆ ▆▆▆ ▆▆▆▆ ▆▆ ▆▆▆▆▆▆ ▆▆▆ ▆▆▆▆ ▆▆▆▆▆ ▆▆▆ ▆▆ ▆▆▆▆ ▆▆▆▆▆▆ ▆▆▆ ▆▆▆▆ ▆▆ ▆▆▆▆▆ ▆▆▆▆ ▆▆▆ ▆▆▆▆▆ ▆▆ ▆▆▆▆

▆▆▆ ▆▆▆▆▆ ▆▆ ▆▆▆▆ ▆▆▆▆▆ ▆▆▆ ▆▆ ▆▆▆▆ ▆▆▆▆▆▆ ▆▆▆ ▆▆▆▆▆ ▆▆ ▆▆▆ ▆▆▆▆ ▆▆▆▆▆▆ ▆▆▆ ▆▆▆▆ ▆▆ ▆▆▆▆▆ ▆▆▆▆ ▆▆▆ ▆▆▆▆▆ ▆▆ ▆▆▆▆ ▆▆▆▆▆ ▆▆▆ ▆▆▆▆ ▆▆ ▆▆▆▆▆▆ ▆▆▆ ▆▆▆▆ ▆▆▆▆▆ ▆▆▆ ▆▆ ▆▆▆▆ ▆▆▆▆▆▆ ▆▆▆ ▆▆▆▆ ▆▆ ▆▆▆▆▆ ▆▆▆▆ ▆▆▆ ▆▆▆▆▆ ▆▆ ▆▆▆▆ ▆▆▆▆▆ ▆▆▆ ▆▆▆▆ ▆▆ ▆▆▆▆▆▆ ▆▆▆ ▆▆▆▆ ▆▆▆▆▆ ▆▆▆ ▆▆ ▆▆▆▆ ▆▆▆▆▆▆ ▆▆▆ ▆▆▆▆ ▆▆ ▆▆▆▆▆ ▆▆▆▆ ▆▆▆ ▆▆▆▆▆ ▆▆ ▆▆▆▆

▆▆▆ ▆▆▆▆▆ ▆▆ ▆▆▆▆ ▆▆▆▆▆ ▆▆▆ ▆▆ ▆▆▆▆ ▆▆▆▆▆

▆▆▆ ▆▆▆▆▆ ▆▆ ▆▆▆▆ ▆▆▆▆▆ ▆▆▆ ▆▆ ▆▆▆▆ ▆▆▆▆▆▆ ▆▆▆ ▆▆▆▆▆ ▆▆ ▆▆▆ ▆▆▆▆ ▆▆▆▆▆▆ ▆▆▆ ▆▆▆▆ ▆▆ ▆▆▆▆▆ ▆▆▆▆ ▆▆▆ ▆▆▆▆▆ ▆▆ ▆▆▆▆ ▆▆▆▆▆ ▆▆▆ ▆▆▆▆ ▆▆ ▆▆▆▆▆▆ ▆▆▆ ▆▆▆▆ ▆▆▆▆▆ ▆▆▆ ▆▆ ▆▆▆▆ ▆▆▆▆▆▆ ▆▆▆ ▆▆▆▆ ▆▆ ▆▆▆▆▆ ▆▆▆▆ ▆▆▆ ▆▆▆▆▆ ▆▆ ▆▆▆▆

▆▆▆ ▆▆▆▆▆ ▆▆ ▆▆▆▆ ▆▆▆▆▆ ▆▆▆ ▆▆

▆▆▆ ▆▆▆▆▆ ▆▆ ▆▆▆▆ ▆▆▆▆▆ ▆▆▆ ▆▆ ▆▆▆▆ ▆▆▆▆▆▆ ▆▆▆ ▆▆▆▆▆ ▆▆ ▆▆▆ ▆▆▆▆ ▆▆▆▆▆▆ ▆▆▆ ▆▆▆▆ ▆▆ ▆▆▆▆▆ ▆▆▆▆ ▆▆▆ ▆▆▆▆▆ ▆▆ ▆▆▆▆ ▆▆▆▆▆ ▆▆▆ ▆▆▆▆ ▆▆ ▆▆▆▆▆▆ ▆▆▆ ▆▆▆▆ ▆▆▆▆▆ ▆▆▆ ▆▆ ▆▆▆▆ ▆▆▆▆▆▆ ▆▆▆ ▆▆▆▆ ▆▆ ▆▆▆▆▆ ▆▆▆▆ ▆▆▆ ▆▆▆▆▆ ▆▆ ▆▆▆▆ ▆▆▆▆▆ ▆▆▆ ▆▆▆▆ ▆▆ ▆▆▆▆▆▆ ▆▆▆ ▆▆▆▆ ▆▆▆▆▆ ▆▆▆ ▆▆ ▆▆▆▆ ▆▆▆▆▆▆ ▆▆▆ ▆▆▆▆ ▆▆ ▆▆▆▆▆ ▆▆▆▆ ▆▆▆ ▆▆▆▆▆ ▆▆ ▆▆▆▆ ▆▆▆▆▆ ▆▆▆ ▆▆▆▆ ▆▆ ▆▆▆▆▆▆ ▆▆▆ ▆▆▆▆ ▆▆▆▆▆ ▆▆▆ ▆▆ ▆▆▆▆ ▆▆▆▆▆▆ ▆▆▆ ▆▆▆▆ ▆▆ ▆▆▆▆▆ ▆▆▆▆ ▆▆▆ ▆▆▆▆▆ ▆▆ ▆▆▆▆ ▆▆▆▆▆ ▆▆▆ ▆▆▆▆ ▆▆ ▆▆▆▆▆▆ ▆▆▆ ▆▆▆▆ ▆▆▆▆▆ ▆▆▆ ▆▆ ▆▆▆▆ ▆▆▆▆▆▆ ▆▆▆ ▆▆▆▆ ▆▆ ▆▆▆▆▆ ▆▆▆▆ ▆▆▆ ▆▆▆▆▆ ▆▆ ▆▆▆▆ ▆▆▆▆▆ ▆▆▆ ▆▆▆▆ ▆▆ ▆▆▆▆▆▆ ▆▆▆ ▆▆▆▆ ▆▆▆▆▆ ▆▆▆ ▆▆ ▆▆▆▆ ▆▆▆▆▆▆ ▆▆▆ ▆▆▆▆ ▆▆ ▆▆▆▆▆ ▆▆▆▆ ▆▆▆ ▆▆▆▆▆ ▆▆ ▆▆▆▆

▆▆▆ ▆▆▆▆▆ ▆▆ ▆▆▆▆ ▆▆▆▆▆ ▆▆▆ ▆▆ ▆▆▆▆ ▆▆▆▆▆ ▆▆▆ ▆▆▆▆ ▆▆ ▆▆▆▆ ▆▆▆▆▆

▆▆▆ ▆▆▆▆▆ ▆▆ ▆▆▆▆ ▆▆▆▆▆ ▆▆▆ ▆▆ ▆▆▆▆ ▆▆▆▆▆▆ ▆▆▆ ▆▆▆▆▆ ▆▆ ▆▆▆ ▆▆▆▆ ▆▆▆▆▆▆ ▆▆▆ ▆▆▆▆ ▆▆ ▆▆▆▆▆ ▆▆▆▆ ▆▆▆ ▆▆▆▆▆ ▆▆ ▆▆▆▆ ▆▆▆▆▆ ▆▆▆ ▆▆▆▆ ▆▆ ▆▆▆▆▆▆ ▆▆▆ ▆▆▆▆ ▆▆▆▆▆ ▆▆▆ ▆▆ ▆▆▆▆ ▆▆▆▆▆▆ ▆▆▆ ▆▆▆▆ ▆▆ ▆▆▆▆▆ ▆▆▆▆ ▆▆▆ ▆▆▆▆▆ ▆▆ ▆▆▆▆ ▆▆▆▆▆ ▆▆▆ ▆▆▆▆ ▆▆ ▆▆▆▆▆▆ ▆▆▆ ▆▆▆▆ ▆▆▆▆▆ ▆▆▆ ▆▆ ▆▆▆▆ ▆▆▆▆▆▆ ▆▆▆ ▆▆▆▆ ▆▆ ▆▆▆▆▆ ▆▆▆▆ ▆▆▆ ▆▆▆▆▆ ▆▆ ▆▆▆▆ ▆▆▆▆▆ ▆▆▆ ▆▆▆▆ ▆▆ ▆▆▆▆▆▆ ▆▆▆ ▆▆▆▆ ▆▆▆▆▆ ▆▆▆ ▆▆ ▆▆▆▆ ▆▆▆▆▆▆ ▆▆▆ ▆▆▆▆ ▆▆ ▆▆▆▆▆ ▆▆▆▆ ▆▆▆ ▆▆▆▆▆ ▆▆ ▆▆▆▆

Gdzie szukać pomocy?
116 111 – całodobowy telefon zaufania Fundacji Dajemy Dzieciom Siłę dla dzieci i młodzieży
800 12 12 12 – całodobowy telefon zaufania rzecznika praw dziecka
116 123 – całodobowy telefon zaufania Instytutu Psychologii Zdrowia PTP dla osób dorosłych
800 70 22 22 – całodobowy telefon Fundacji Itaka dla osób dorosłych w kryzysie psychicznym
zwjr.pl – platforma pomocowo-edukacyjna poświęcona zapobieganiu samobójstwom
FOT. MAT. PRASOWE
Lucyna
Kicińska
certyfikowana suicydolożka, pedagożka, terapeutka narracyjna, ekspertka Biura ds. Zapobiegania Zachowaniom Samobójczym w Instytucie Psychiatrii i Neurologii w Warszawie, członkini Zarządu Głównego Polskiego Towarzystwa Suicydologicznego
